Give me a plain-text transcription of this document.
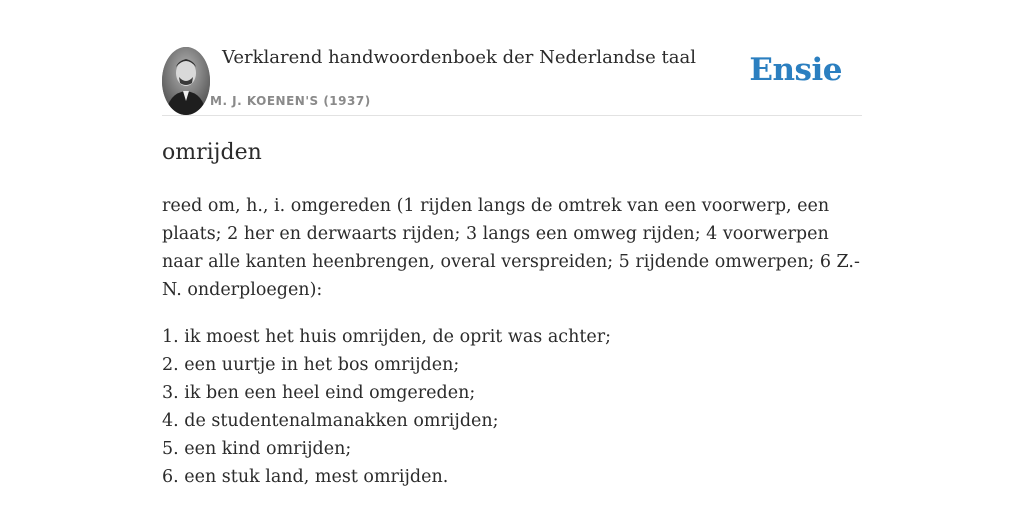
Verklarend handwoordenboek der Nederlandse taal
M. J. KOENEN'S (1937)
Ensie
omrijden

reed om, h., i. omgereden (1 rijden langs de omtrek van een voorwerp, een plaats; 2 her en derwaarts rijden; 3 langs een omweg rijden; 4 voorwerpen naar alle kanten heenbrengen, overal verspreiden; 5 rijdende omwerpen; 6 Z.-N. onderploegen):

1. ik moest het huis omrijden, de oprit was achter;
2. een uurtje in het bos omrijden;
3. ik ben een heel eind omgereden;
4. de studentenalmanakken omrijden;
5. een kind omrijden;
6. een stuk land, mest omrijden.
